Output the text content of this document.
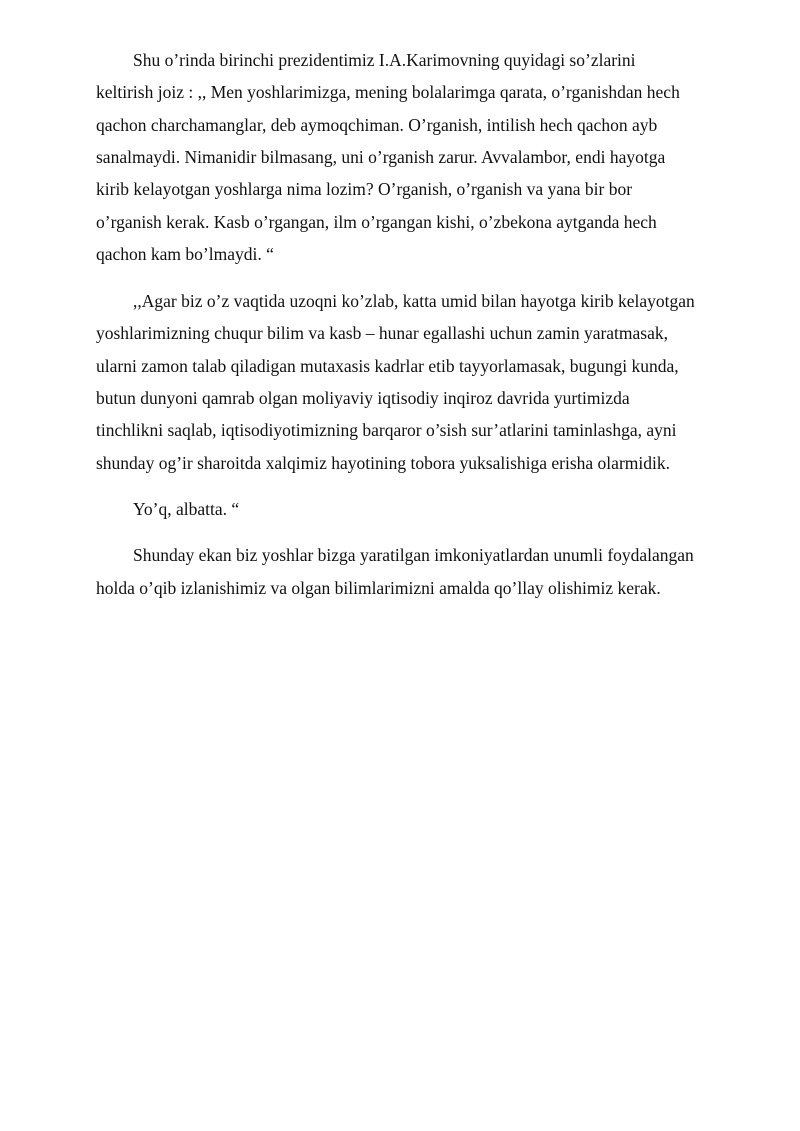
Shu o’rinda birinchi prezidentimiz I.A.Karimovning quyidagi so’zlarini
keltirish joiz : ,, Men yoshlarimizga, mening bolalarimga qarata, o’rganishdan hech
qachon charchamanglar, deb aymoqchiman. O’rganish, intilish hech qachon ayb
sanalmaydi. Nimanidir bilmasang, uni o’rganish zarur. Avvalambor, endi hayotga
kirib kelayotgan yoshlarga nima lozim? O’rganish, o’rganish va yana bir bor
o’rganish kerak. Kasb o’rgangan, ilm o’rgangan kishi, o’zbekona aytganda hech
qachon kam bo’lmaydi. “
,,Agar biz o’z vaqtida uzoqni ko’zlab, katta umid bilan hayotga kirib kelayotgan
yoshlarimizning chuqur bilim va kasb – hunar egallashi uchun zamin yaratmasak,
ularni zamon talab qiladigan mutaxasis kadrlar etib tayyorlamasak, bugungi kunda,
butun dunyoni qamrab olgan moliyaviy iqtisodiy inqiroz davrida yurtimizda
tinchlikni saqlab, iqtisodiyotimizning barqaror o’sish sur’atlarini taminlashga, ayni
shunday og’ir sharoitda xalqimiz hayotining tobora yuksalishiga erisha olarmidik.
Yo’q, albatta. “
Shunday ekan biz yoshlar bizga yaratilgan imkoniyatlardan unumli foydalangan
holda o’qib izlanishimiz va olgan bilimlarimizni amalda qo’llay olishimiz kerak.
